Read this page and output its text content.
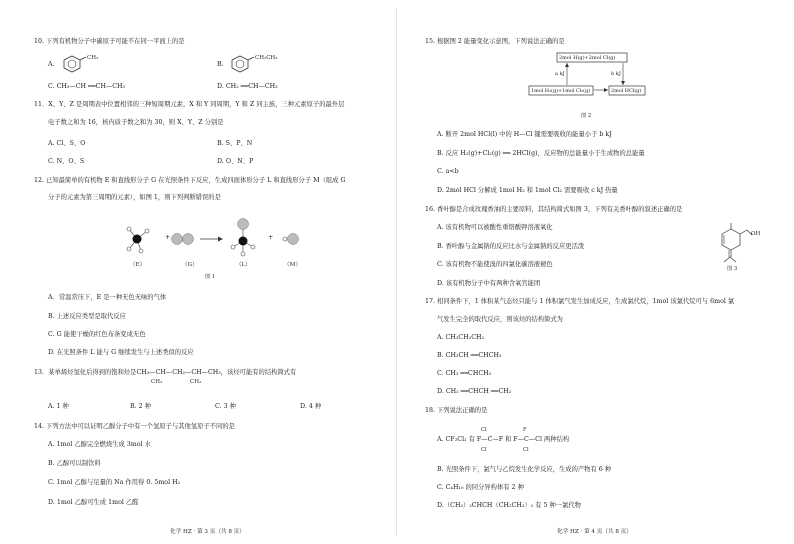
10. 下列有机物分子中碳原子可能不在同一平面上的是
A.
CH₃
B.
CH₂CH₃
C. CH₃—CH ══CH—CH₃	D. CH₂ ══CH—CH₃
11．X、Y、Z 是周期表中位置相邻的三种短周期元素，X 和 Y 同周期，Y 和 Z 同主族，三种元素原子的最外层
电子数之和为 16，核内质子数之和为 30，则 X、Y、Z 分别是
A. Cl、S、O	B. S、P、N
C. N、O、S	D. O、N、P
12. 已知最简单的有机物 E 和直线形分子 G 在光照条件下反应，生成四面体形分子 L 和直线形分子 M（组成 G
分子的元素为第三周期的元素），如图 1，则下列判断错误的是
+	+
（E）	（G）	（L）	（M）
图 1
A．常温常压下，E 是一种无色无味的气体
B. 上述反应类型是取代反应
C. G 能使干燥的红色布条变成无色
D. 在光照条件 L 能与 G 继续发生与上述类似的反应
13．某单烯烃氢化后得到的饱和烃是CH₃—CH—CH₂—CH—CH₃，该烃可能有的结构简式有
CH₃	CH₃
A. 1 种	B. 2 种	C. 3 种	D. 4 种
14. 下列方法中可以证明乙醇分子中有一个氢原子与其他氢原子不同的是
A. 1mol 乙醇完全燃烧生成 3mol 水
B. 乙醇可以制饮料
C. 1mol 乙醇与足量的 Na 作用得 0. 5mol H₂
D. 1mol 乙醇可生成 1mol 乙醛
化学 HZ · 第 3 页（共 8 页）
15. 根据图 2 能量变化示意图，下列说法正确的是
2mol H(g)+2mol Cl(g)
1mol H₂(g)+1mol Cl₂(g)	2mol HCl(g)
a kJ	b kJ
图 2
A. 断开 2mol HCl(l) 中的 H—Cl 键需要吸收的能量小于 b kJ
B. 反应 H₂(g)+Cl₂(g) ══ 2HCl(g)，反应物的总能量小于生成物的总能量
C. a<b
D. 2mol HCl 分解成 1mol H₂ 和 1mol Cl₂ 需要吸收 c kJ 热量
16. 香叶醇是合成玫瑰香油的主要原料，其结构简式如图 3，下列有关香叶醇的叙述正确的是
A. 该有机物可以被酸性重铬酸钾溶液氧化
B. 香叶醇与金属钠的反应比水与金属钠的反应更活泼
C. 该有机物不能使溴的四氯化碳溶液褪色
D. 该有机物分子中有两种含氧官能团
OH
图 3
17. 相同条件下，1 体积某气态烃只能与 1 体积氯气发生加成反应，生成氯代烷，1mol 该氯代烷可与 6mol 氯
气发生完全的取代反应，则该烃的结构简式为
A. CH₃CH₂CH₃
B. CH₃CH ══CHCH₃
C. CH₃ ══CHCH₃
D. CH₂ ══CHCH ══CH₂
18. 下列说法正确的是
A. CF₃Cl₂ 有 F—C—F 和 F—C—Cl 两种结构
Cl
Cl
F
Cl
B. 光照条件下，氯气与乙烷发生化学反应，生成的产物有 6 种
C. C₄H₁₀ 的同分异构体有 2 种
D.（CH₃）₂CHCH（CH₂CH₃）₂ 有 5 种一氯代物
化学 HZ · 第 4 页（共 8 页）
